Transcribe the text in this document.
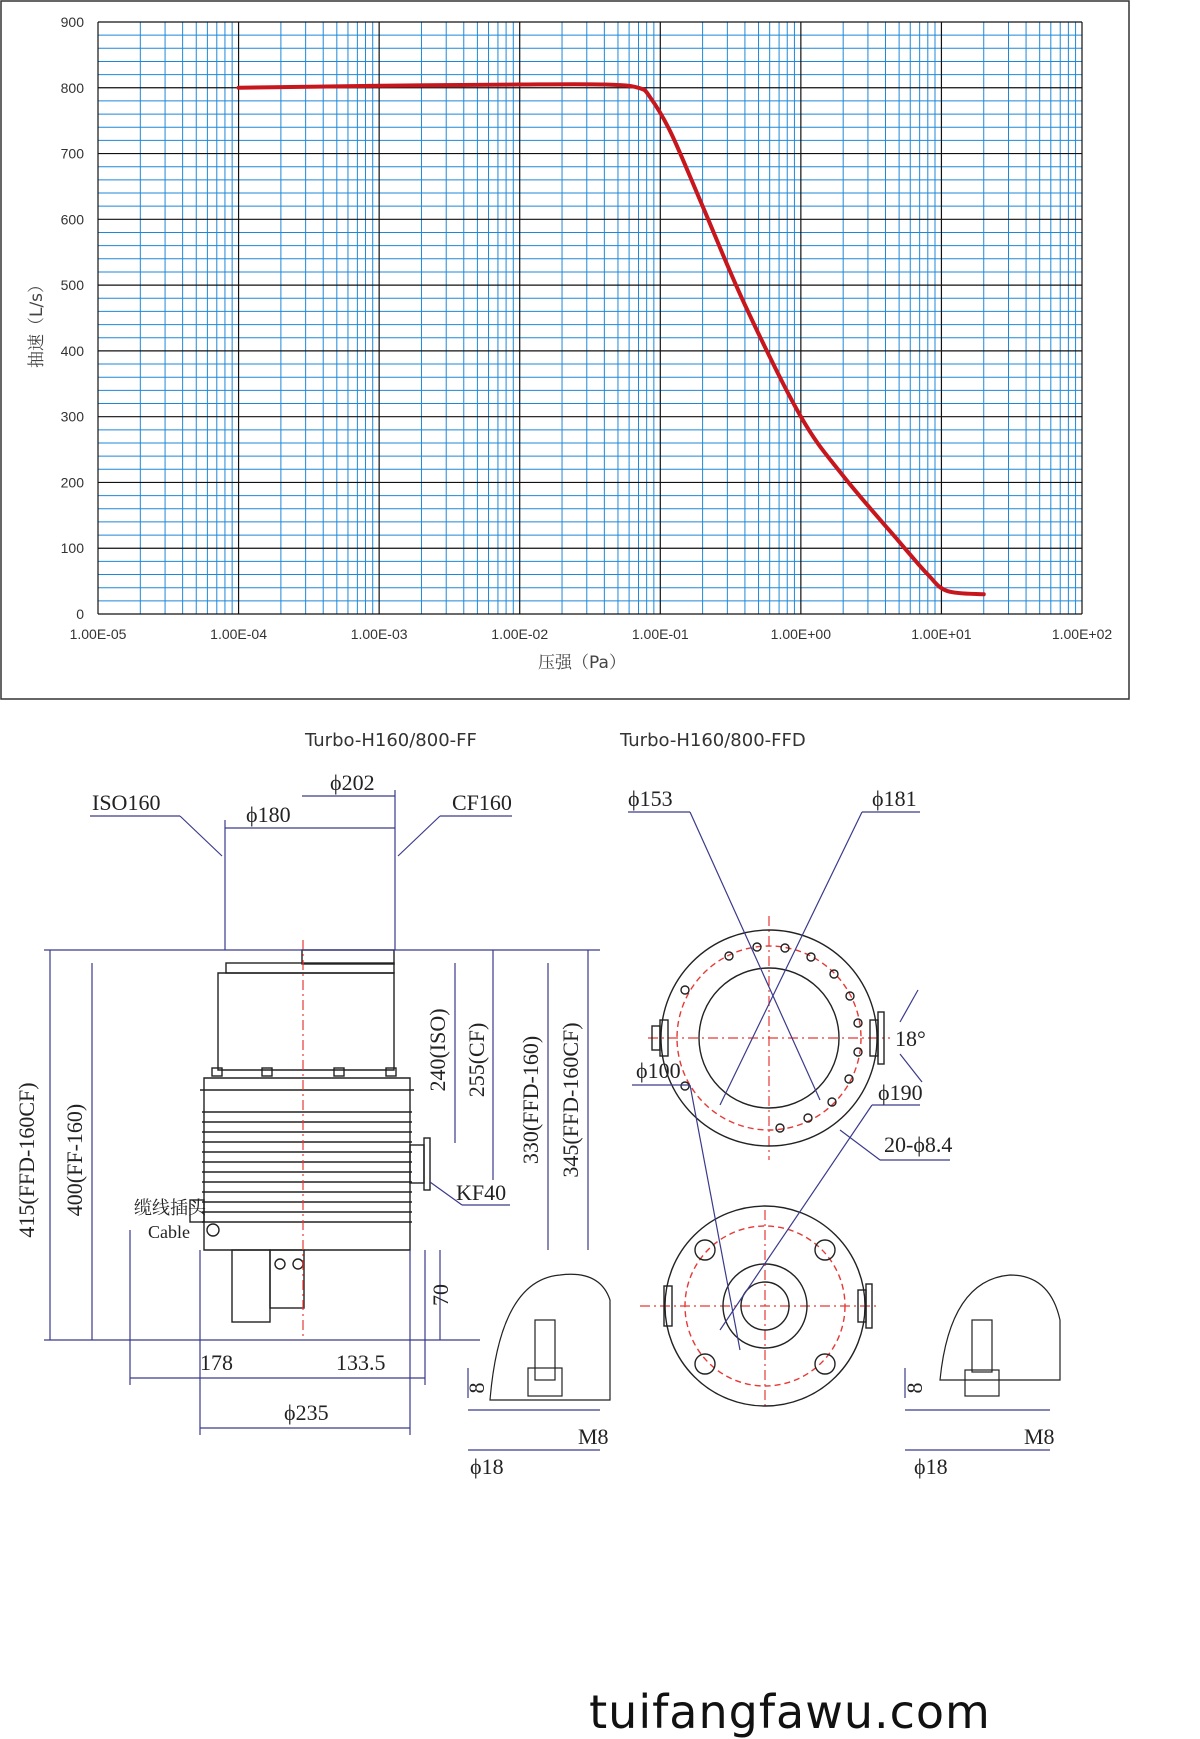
0
100
200
300
400
500
600
700
800
900
1.00E-05	1.00E-04	1.00E-03	1.00E-02	1.00E-01	1.00E+00	1.00E+01	1.00E+02
压强（Pa）
抽速（L/s）
Turbo-H160/800-FF	Turbo-H160/800-FFD
ISO160	ϕ180
ϕ202
CF160	ϕ153	ϕ181
415(FFD-160CF) 400(FF-160)
240(ISO) 255(CF) 330(FFD-160) 345(FFD-160CF)	18°
20-ϕ8.4
缆线插头
Cable
KF40
70
ϕ100
ϕ190
178	133.5
ϕ235
8
M8
ϕ18
8
M8
ϕ18
tuifangfawu.com
